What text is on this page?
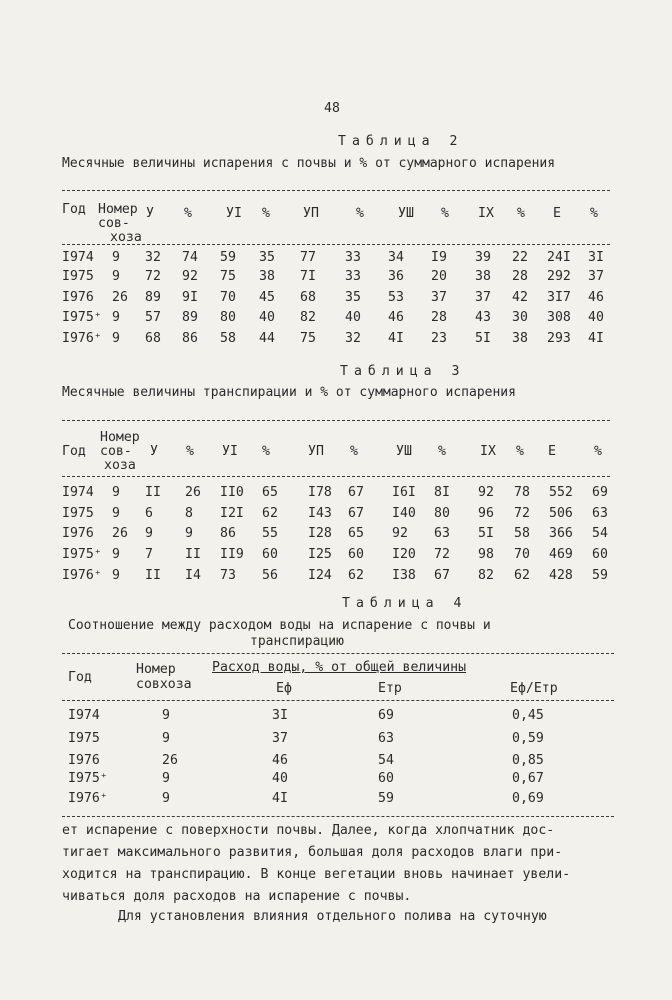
48
Таблица 2
Месячные величины испарения с почвы и % от суммарного испарения
Год Номер
сов-
хоза
У %	УI %	УП	%	УШ % IX % Е %
I974 9 32 74 59 35 77 33 34 I9 39 22 24I 3I
I975 9 72 92 75 38 7I 33 36 20 38 28 292 37
I976 26 89 9I 70 45 68 35 53 37 37 42 3I7 46
I975⁺ 9 57 89 80 40 82 40 46 28 43 30 308 40
I976⁺ 9 68 86 58 44 75 32 4I 23 5I 38 293 4I
Таблица 3
Месячные величины транспирации и % от суммарного испарения
Год
Номер
сов-
хоза
У % УI %	УП %	УШ %	IX % Е	%
I974 9 II 26 II0 65 I78 67 I6I 8I 92 78 552 69
I975 9 6 8 I2I 62 I43 67 I40 80 96 72 506 63
I976 26 9 9 86 55 I28 65 92 63 5I 58 366 54
I975⁺ 9 7 II II9 60 I25 60 I20 72 98 70 469 60
I976⁺ 9 II I4 73 56 I24 62 I38 67 82 62 428 59
Таблица 4
Соотношение между расходом воды на испарение с почвы и
транспирацию
Год
Номер
совхоза
Расход воды, % от общей величины
Еф	Етр	Еф/Етр
I974	9	3I	69	0,45
I975	9	37	63	0,59
I976	26	46	54	0,85
I975⁺	9	40	60	0,67
I976⁺	9	4I	59	0,69
ет испарение с поверхности почвы. Далее, когда хлопчатник дос-
тигает максимального развития, большая доля расходов влаги при-
ходится на транспирацию. В конце вегетации вновь начинает увели-
чиваться доля расходов на испарение с почвы.
Для установления влияния отдельного полива на суточную
